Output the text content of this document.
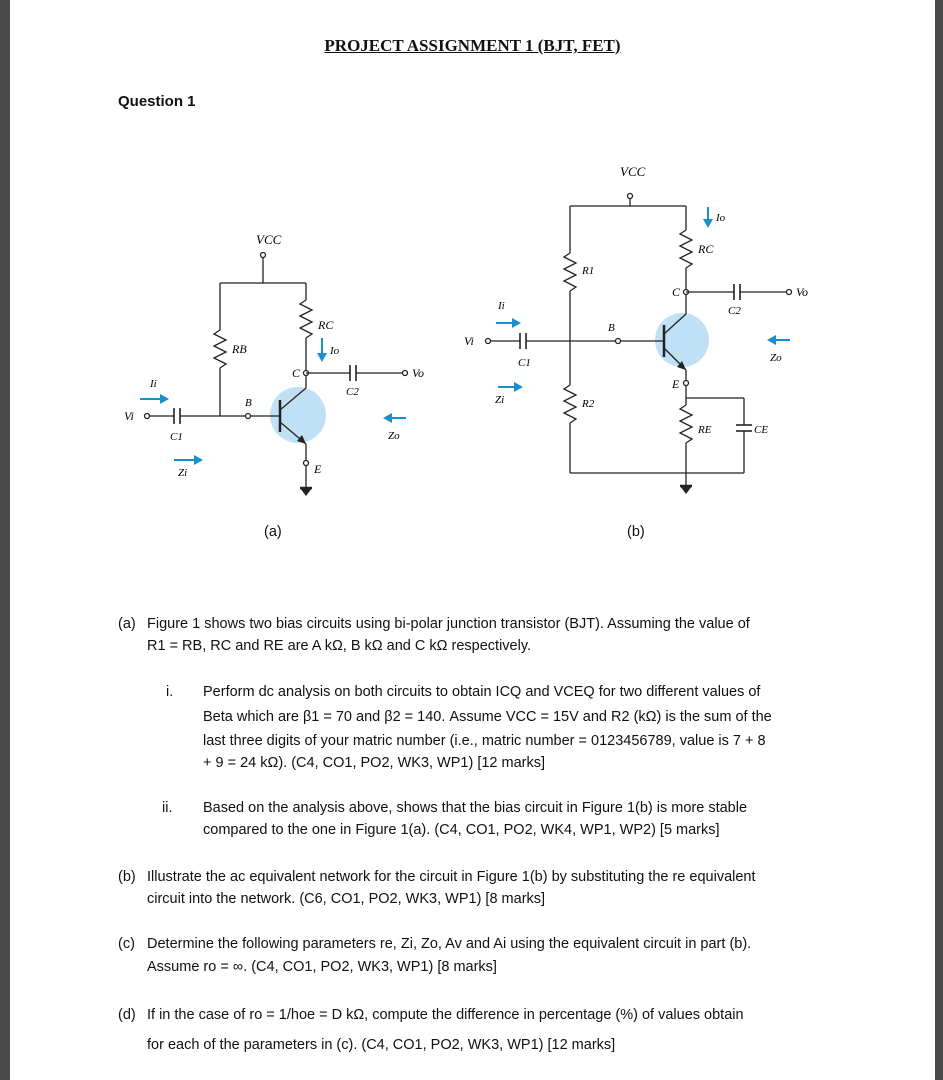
PROJECT ASSIGNMENT 1 (BJT, FET)
Question 1
VCC
RB
RC
Io
C
C2
Vo
B
E
Ii
Vi
C1
Zi
Zo
VCC
Io
RC
R1
C
C2
Vo
Ii
B
Vi
C1	Zo
Zi	R2
E
RE	CE
(a)	(b)
(a) Figure 1 shows two bias circuits using bi-polar junction transistor (BJT). Assuming the value of
R1 = RB, RC and RE are A kΩ, B kΩ and C kΩ respectively.
i. Perform dc analysis on both circuits to obtain ICQ and VCEQ for two different values of
Beta which are β1 = 70 and β2 = 140. Assume VCC = 15V and R2 (kΩ) is the sum of the
last three digits of your matric number (i.e., matric number = 0123456789, value is 7 + 8
+ 9 = 24 kΩ). (C4, CO1, PO2, WK3, WP1) [12 marks]
ii. Based on the analysis above, shows that the bias circuit in Figure 1(b) is more stable
compared to the one in Figure 1(a). (C4, CO1, PO2, WK4, WP1, WP2) [5 marks]
(b) Illustrate the ac equivalent network for the circuit in Figure 1(b) by substituting the re equivalent
circuit into the network. (C6, CO1, PO2, WK3, WP1) [8 marks]
(c) Determine the following parameters re, Zi, Zo, Av and Ai using the equivalent circuit in part (b).
Assume ro = ∞. (C4, CO1, PO2, WK3, WP1) [8 marks]
(d) If in the case of ro = 1/hoe = D kΩ, compute the difference in percentage (%) of values obtain
for each of the parameters in (c). (C4, CO1, PO2, WK3, WP1) [12 marks]
